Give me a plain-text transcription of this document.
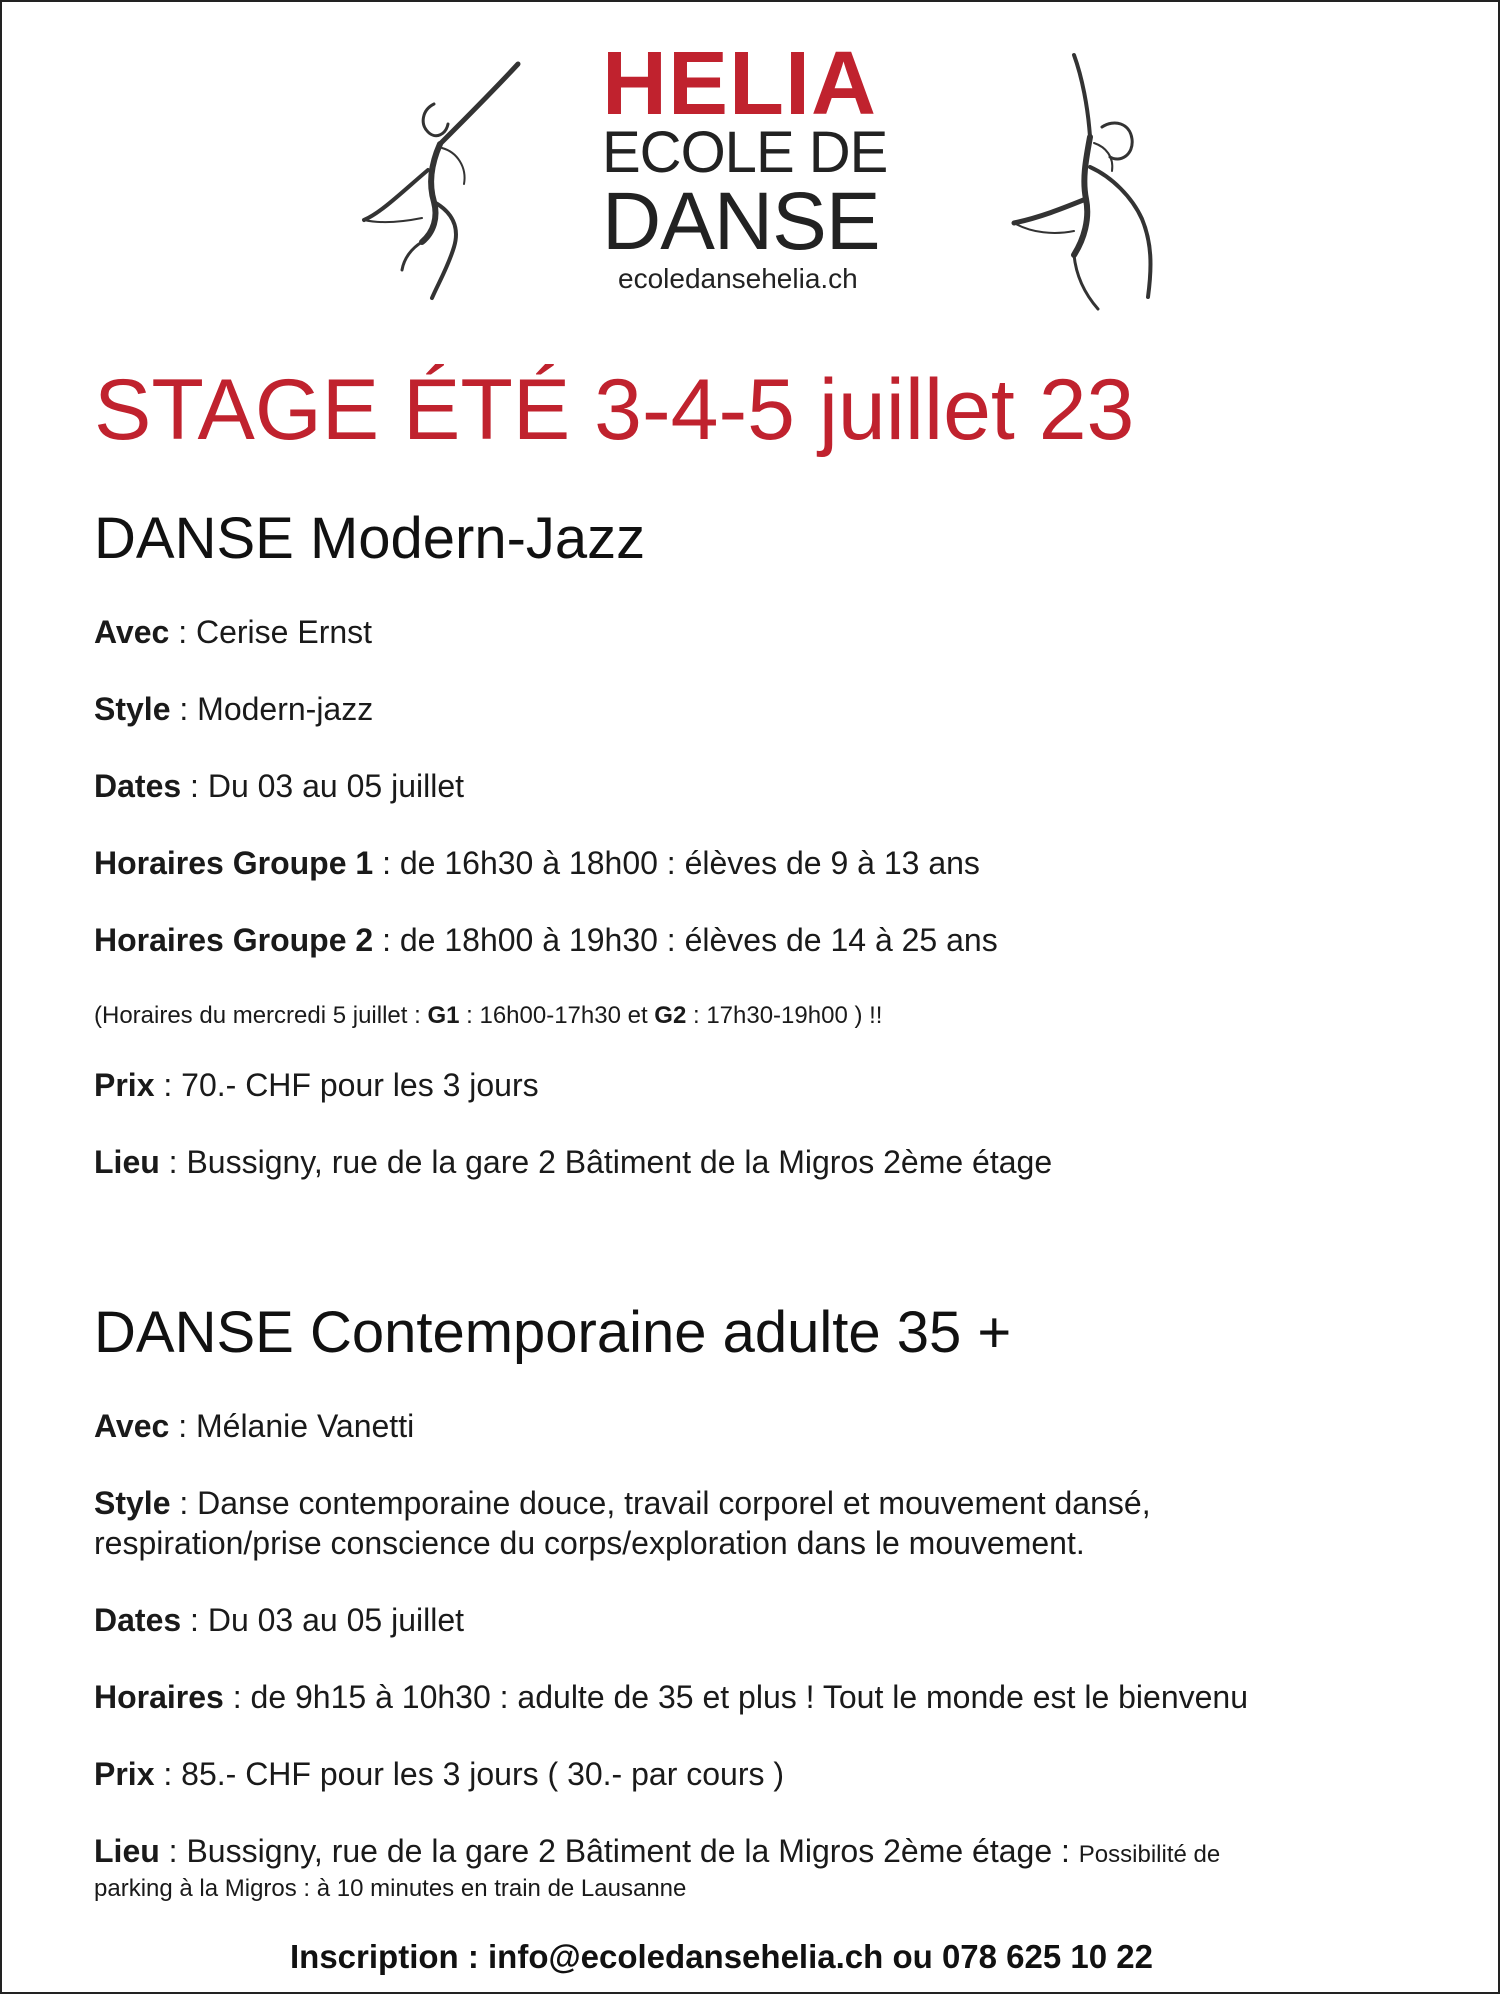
HELIA
ECOLE DE
DANSE
ecoledansehelia.ch
STAGE ÉTÉ 3-4-5 juillet 23
DANSE Modern-Jazz
Avec : Cerise Ernst
Style : Modern-jazz
Dates : Du 03 au 05 juillet
Horaires Groupe 1 : de 16h30 à 18h00 : élèves de 9 à 13 ans
Horaires Groupe 2 : de 18h00 à 19h30 : élèves de 14 à 25 ans
(Horaires du mercredi 5 juillet : G1 : 16h00-17h30 et G2 : 17h30-19h00 ) !!
Prix : 70.- CHF pour les 3 jours
Lieu : Bussigny, rue de la gare 2 Bâtiment de la Migros 2ème étage
DANSE Contemporaine adulte 35 +
Avec : Mélanie Vanetti
Style : Danse contemporaine douce, travail corporel et mouvement dansé,
respiration/prise conscience du corps/exploration dans le mouvement.
Dates : Du 03 au 05 juillet
Horaires : de 9h15 à 10h30 : adulte de 35 et plus ! Tout le monde est le bienvenu
Prix : 85.- CHF pour les 3 jours ( 30.- par cours )
Lieu : Bussigny, rue de la gare 2 Bâtiment de la Migros 2ème étage : Possibilité de
parking à la Migros : à 10 minutes en train de Lausanne
Inscription : info@ecoledansehelia.ch ou 078 625 10 22
